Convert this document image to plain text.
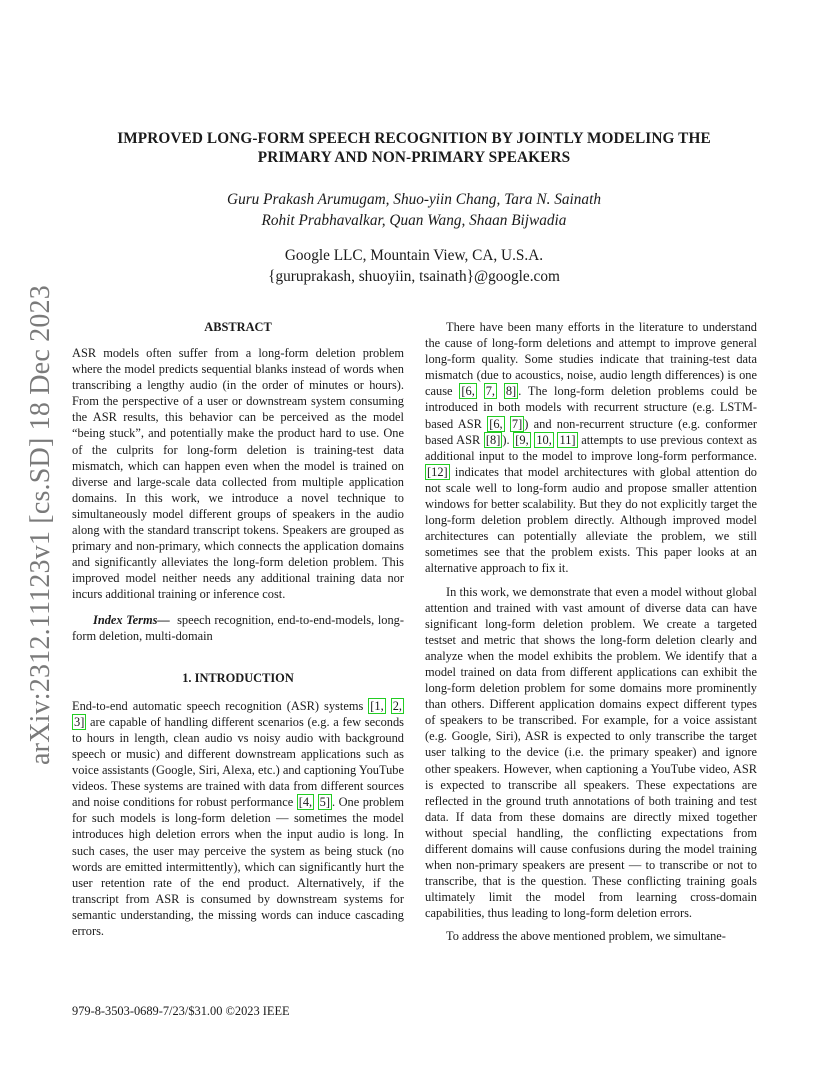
arXiv:2312.11123v1 [cs.SD] 18 Dec 2023
IMPROVED LONG-FORM SPEECH RECOGNITION BY JOINTLY MODELING THE
PRIMARY AND NON-PRIMARY SPEAKERS
Guru Prakash Arumugam, Shuo-yiin Chang, Tara N. Sainath
Rohit Prabhavalkar, Quan Wang, Shaan Bijwadia
Google LLC, Mountain View, CA, U.S.A.
{guruprakash, shuoyiin, tsainath}@google.com
ABSTRACT

ASR models often suffer from a long-form deletion problem where the model predicts sequential blanks instead of words when transcribing a lengthy audio (in the order of minutes or hours). From the perspective of a user or downstream system consuming the ASR results, this behavior can be perceived as the model “being stuck”, and potentially make the product hard to use. One of the culprits for long-form deletion is training-test data mismatch, which can happen even when the model is trained on diverse and large-scale data collected from multiple application domains. In this work, we introduce a novel technique to simultaneously model different groups of speakers in the audio along with the standard transcript tokens. Speakers are grouped as primary and non-primary, which connects the application domains and significantly alleviates the long-form deletion problem. This improved model neither needs any additional training data nor incurs additional training or inference cost.

Index Terms— speech recognition, end-to-end-models, long-form deletion, multi-domain

1. INTRODUCTION

End-to-end automatic speech recognition (ASR) systems [1, 2, 3] are capable of handling different scenarios (e.g. a few seconds to hours in length, clean audio vs noisy audio with background speech or music) and different downstream applications such as voice assistants (Google, Siri, Alexa, etc.) and captioning YouTube videos. These systems are trained with data from different sources and noise conditions for robust performance [4, 5] . One problem for such models is long-form deletion — sometimes the model introduces high deletion errors when the input audio is long. In such cases, the user may perceive the system as being stuck (no words are emitted intermittently), which can significantly hurt the user retention rate of the end product. Alternatively, if the transcript from ASR is consumed by downstream systems for semantic understanding, the missing words can induce cascading errors.

There have been many efforts in the literature to understand the cause of long-form deletions and attempt to improve general long-form quality. Some studies indicate that training-test data mismatch (due to acoustics, noise, audio length differences) is one cause [6, 7, 8] . The long-form deletion problems could be introduced in both models with recurrent structure (e.g. LSTM-based ASR [6, 7] ) and non-recurrent structure (e.g. conformer based ASR [8] ). [9, 10, 11] attempts to use previous context as additional input to the model to improve long-form performance. [12] indicates that model architectures with global attention do not scale well to long-form audio and propose smaller attention windows for better scalability. But they do not explicitly target the long-form deletion problem directly. Although improved model architectures can potentially alleviate the problem, we still sometimes see that the problem exists. This paper looks at an alternative approach to fix it.

In this work, we demonstrate that even a model without global attention and trained with vast amount of diverse data can have significant long-form deletion problem. We create a targeted testset and metric that shows the long-form deletion clearly and analyze when the model exhibits the problem. We identify that a model trained on data from different applications can exhibit the long-form deletion problem for some domains more prominently than others. Different application domains expect different types of speakers to be transcribed. For example, for a voice assistant (e.g. Google, Siri), ASR is expected to only transcribe the target user talking to the device (i.e. the primary speaker) and ignore other speakers. However, when captioning a YouTube video, ASR is expected to transcribe all speakers. These expectations are reflected in the ground truth annotations of both training and test data. If data from these domains are directly mixed together without special handling, the conflicting expectations from different domains will cause confusions during the model training when non-primary speakers are present — to transcribe or not to transcribe, that is the question. These conflicting training goals ultimately limit the model from learning cross-domain capabilities, thus leading to long-form deletion errors.

To address the above mentioned problem, we simultane-

979-8-3503-0689-7/23/$31.00 ©2023 IEEE
